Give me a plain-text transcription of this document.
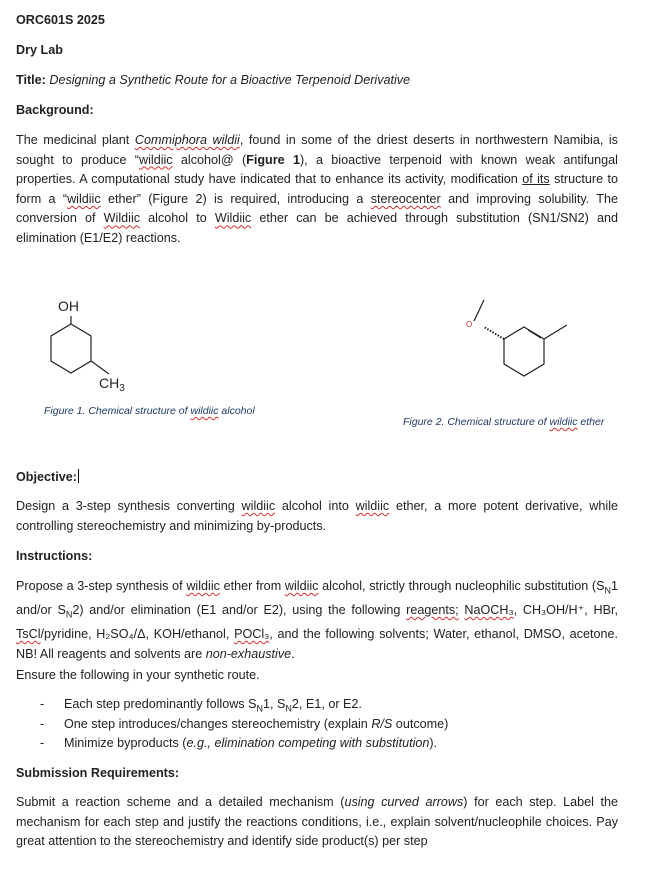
ORC601S 2025
Dry Lab
Title: Designing a Synthetic Route for a Bioactive Terpenoid Derivative
Background:
The medicinal plant Commiphora wildii, found in some of the driest deserts in northwestern Namibia, is sought to produce “wildiic alcohol@ (Figure 1), a bioactive terpenoid with known weak antifungal properties. A computational study have indicated that to enhance its activity, modification of its structure to form a “wildiic ether” (Figure 2) is required, introducing a stereocenter and improving solubility. The conversion of Wildiic alcohol to Wildiic ether can be achieved through substitution (SN1/SN2) and elimination (E1/E2) reactions.
OH
$CH_3$
O
Figure 1. Chemical structure of wildiic alcohol
Figure 2. Chemical structure of wildiic ether
Objective:
Design a 3-step synthesis converting wildiic alcohol into wildiic ether, a more potent derivative, while controlling stereochemistry and minimizing by-products.
Instructions:
Propose a 3-step synthesis of wildiic ether from wildiic alcohol, strictly through nucleophilic substitution ($S_N1$ and/or $S_N2$) and/or elimination (E1 and/or E2), using the following reagents; NaOCH₃, CH₃OH/H⁺, HBr, TsCl/pyridine, H₂SO₄/Δ, KOH/ethanol, POCl₃, and the following solvents; Water, ethanol, DMSO, acetone. NB! All reagents and solvents are non-exhaustive.
Ensure the following in your synthetic route.
- Each step predominantly follows $S_N1$, $S_N2$, E1, or E2.
- One step introduces/changes stereochemistry (explain R/S outcome)
- Minimize byproducts (e.g., elimination competing with substitution).
Submission Requirements:
Submit a reaction scheme and a detailed mechanism (using curved arrows) for each step. Label the mechanism for each step and justify the reactions conditions, i.e., explain solvent/nucleophile choices. Pay great attention to the stereochemistry and identify side product(s) per step
